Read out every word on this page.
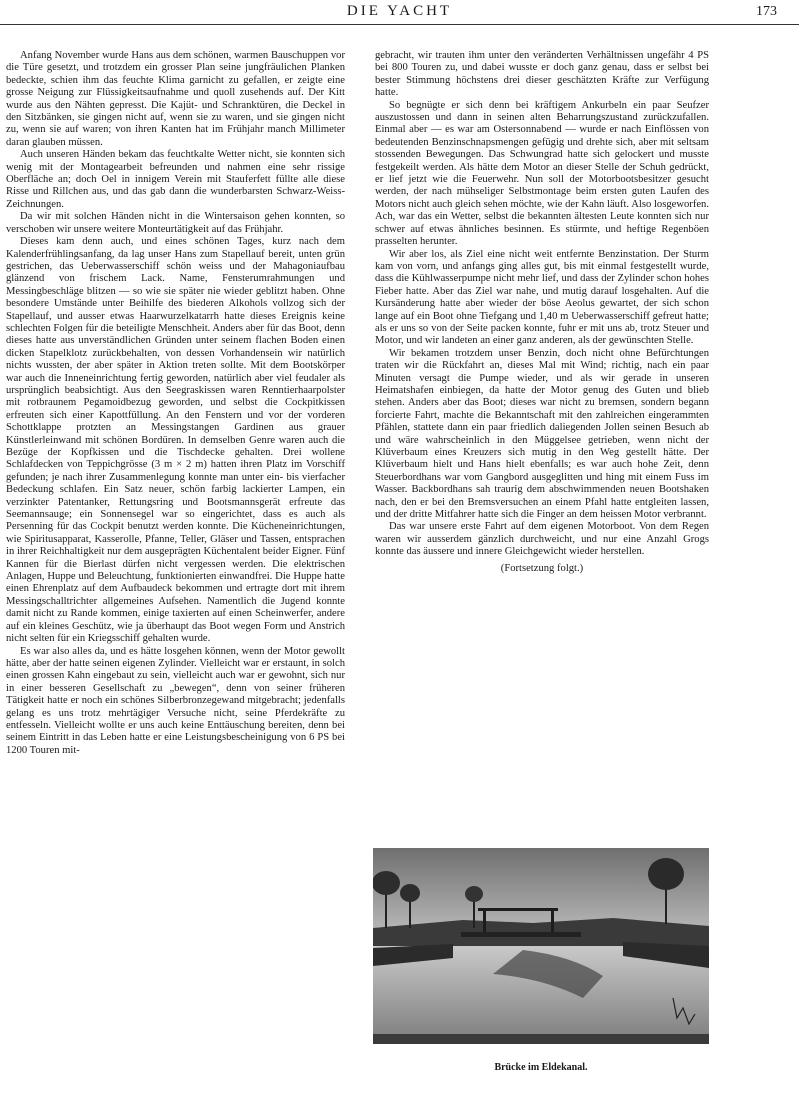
DIE YACHT	173

Anfang November wurde Hans aus dem schönen, warmen Bauschuppen vor die Türe gesetzt, und trotzdem ein grosser Plan seine jungfräulichen Planken bedeckte, schien ihm das feuchte Klima garnicht zu gefallen, er zeigte eine grosse Neigung zur Flüssigkeitsaufnahme und quoll zusehends auf. Der Kitt wurde aus den Nähten gepresst. Die Kajüt- und Schranktüren, die Deckel in den Sitzbänken, sie gingen nicht auf, wenn sie zu waren, und sie gingen nicht zu, wenn sie auf waren; von ihren Kanten hat im Frühjahr manch Millimeter daran glauben müssen.

Auch unseren Händen bekam das feuchtkalte Wetter nicht, sie konnten sich wenig mit der Montagearbeit befreunden und nahmen eine sehr rissige Oberfläche an; doch Oel in innigem Verein mit Stauferfett füllte alle diese Risse und Rillchen aus, und das gab dann die wunderbarsten Schwarz-Weiss-Zeichnungen.

Da wir mit solchen Händen nicht in die Wintersaison gehen konnten, so verschoben wir unsere weitere Monteurtätigkeit auf das Frühjahr.

Dieses kam denn auch, und eines schönen Tages, kurz nach dem Kalenderfrühlingsanfang, da lag unser Hans zum Stapellauf bereit, unten grün gestrichen, das Ueberwasserschiff schön weiss und der Mahagoniaufbau glänzend von frischem Lack. Name, Fensterumrahmungen und Messingbeschläge blitzen — so wie sie später nie wieder geblitzt haben. Ohne besondere Umstände unter Beihilfe des biederen Alkohols vollzog sich der Stapellauf, und ausser etwas Haarwurzelkatarrh hatte dieses Ereignis keine schlechten Folgen für die beteiligte Menschheit. Anders aber für das Boot, denn dieses hatte aus unverständlichen Gründen unter seinem flachen Boden einen dicken Stapelklotz zurückbehalten, von dessen Vorhandensein wir natürlich nichts wussten, der aber später in Aktion treten sollte. Mit dem Bootskörper war auch die Inneneinrichtung fertig geworden, natürlich aber viel feudaler als ursprünglich beabsichtigt. Aus den Seegraskissen waren Renntierhaarpolster mit rotbraunem Pegamoidbezug geworden, und selbst die Cockpitkissen erfreuten sich einer Kapottfüllung. An den Fenstern und vor der vorderen Schottklappe protzten an Messingstangen Gardinen aus grauer Künstlerleinwand mit schönen Bordüren. In demselben Genre waren auch die Bezüge der Kopfkissen und die Tischdecke gehalten. Drei wollene Schlafdecken von Teppichgrösse (3 m × 2 m) hatten ihren Platz im Vorschiff gefunden; je nach ihrer Zusammenlegung konnte man unter ein- bis vierfacher Bedeckung schlafen. Ein Satz neuer, schön farbig lackierter Lampen, ein verzinkter Patentanker, Rettungsring und Bootsmannsgerät erfreute das Seemannsauge; ein Sonnensegel war so eingerichtet, dass es auch als Persenning für das Cockpit benutzt werden konnte. Die Kücheneinrichtungen, wie Spiritusapparat, Kasserolle, Pfanne, Teller, Gläser und Tassen, entsprachen in ihrer Reichhaltigkeit nur dem ausgeprägten Küchentalent beider Eigner. Fünf Kannen für die Bierlast dürfen nicht vergessen werden. Die elektrischen Anlagen, Huppe und Beleuchtung, funktionierten einwandfrei. Die Huppe hatte einen Ehrenplatz auf dem Aufbaudeck bekommen und ertragte dort mit ihrem Messingschalltrichter allgemeines Aufsehen. Namentlich die Jugend konnte damit nicht zu Rande kommen, einige taxierten auf einen Scheinwerfer, andere auf ein kleines Geschütz, wie ja überhaupt das Boot wegen Form und Anstrich nicht selten für ein Kriegsschiff gehalten wurde.

Es war also alles da, und es hätte losgehen können, wenn der Motor gewollt hätte, aber der hatte seinen eigenen Zylinder. Vielleicht war er erstaunt, in solch einen grossen Kahn eingebaut zu sein, vielleicht auch war er gewohnt, sich nur in einer besseren Gesellschaft zu „bewegen“, denn von seiner früheren Tätigkeit hatte er noch ein schönes Silberbronzegewand mitgebracht; jedenfalls gelang es uns trotz mehrtägiger Versuche nicht, seine Pferdekräfte zu entfesseln. Vielleicht wollte er uns auch keine Enttäuschung bereiten, denn bei seinem Eintritt in das Leben hatte er eine Leistungsbescheinigung von 6 PS bei 1200 Touren mit-

gebracht, wir trauten ihm unter den veränderten Verhältnissen ungefähr 4 PS bei 800 Touren zu, und dabei wusste er doch ganz genau, dass er selbst bei bester Stimmung höchstens drei dieser geschätzten Kräfte zur Verfügung hatte.

So begnügte er sich denn bei kräftigem Ankurbeln ein paar Seufzer auszustossen und dann in seinen alten Beharrungszustand zurückzufallen. Einmal aber — es war am Ostersonnabend — wurde er nach Einflössen von bedeutenden Benzinschnapsmengen gefügig und drehte sich, aber mit seltsam stossenden Bewegungen. Das Schwungrad hatte sich gelockert und musste festgekeilt werden. Als hätte dem Motor an dieser Stelle der Schuh gedrückt, er lief jetzt wie die Feuerwehr. Nun soll der Motorbootsbesitzer gesucht werden, der nach mühseliger Selbstmontage beim ersten guten Laufen des Motors nicht auch gleich sehen möchte, wie der Kahn läuft. Also losgeworfen. Ach, war das ein Wetter, selbst die bekannten ältesten Leute konnten sich nur schwer auf etwas ähnliches besinnen. Es stürmte, und heftige Regenböen prasselten herunter.

Wir aber los, als Ziel eine nicht weit entfernte Benzinstation. Der Sturm kam von vorn, und anfangs ging alles gut, bis mit einmal festgestellt wurde, dass die Kühlwasserpumpe nicht mehr lief, und dass der Zylinder schon hohes Fieber hatte. Aber das Ziel war nahe, und mutig darauf losgehalten. Auf die Kursänderung hatte aber wieder der böse Aeolus gewartet, der sich schon lange auf ein Boot ohne Tiefgang und 1,40 m Ueberwasserschiff gefreut hatte; als er uns so von der Seite packen konnte, fuhr er mit uns ab, trotz Steuer und Motor, und wir landeten an einer ganz anderen, als der gewünschten Stelle.

Wir bekamen trotzdem unser Benzin, doch nicht ohne Befürchtungen traten wir die Rückfahrt an, dieses Mal mit Wind; richtig, nach ein paar Minuten versagt die Pumpe wieder, und als wir gerade in unseren Heimatshafen einbiegen, da hatte der Motor genug des Guten und blieb stehen. Anders aber das Boot; dieses war nicht zu bremsen, sondern begann forcierte Fahrt, machte die Bekanntschaft mit den zahlreichen eingerammten Pfählen, stattete dann ein paar friedlich daliegenden Jollen seinen Besuch ab und wäre wahrscheinlich in den Müggelsee getrieben, wenn nicht der Klüverbaum eines Kreuzers sich mutig in den Weg gestellt hätte. Der Klüverbaum hielt und Hans hielt ebenfalls; es war auch hohe Zeit, denn Steuerbordhans war vom Gangbord ausgeglitten und hing mit einem Fuss im Wasser. Backbordhans sah traurig dem abschwimmenden neuen Bootshaken nach, den er bei den Bremsversuchen an einem Pfahl hatte entgleiten lassen, und der dritte Mitfahrer hatte sich die Finger an dem heissen Motor verbrannt.

Das war unsere erste Fahrt auf dem eigenen Motorboot. Von dem Regen waren wir ausserdem gänzlich durchweicht, und nur eine Anzahl Grogs konnte das äussere und innere Gleichgewicht wieder herstellen.

(Fortsetzung folgt.)
Brücke im Eldekanal.
